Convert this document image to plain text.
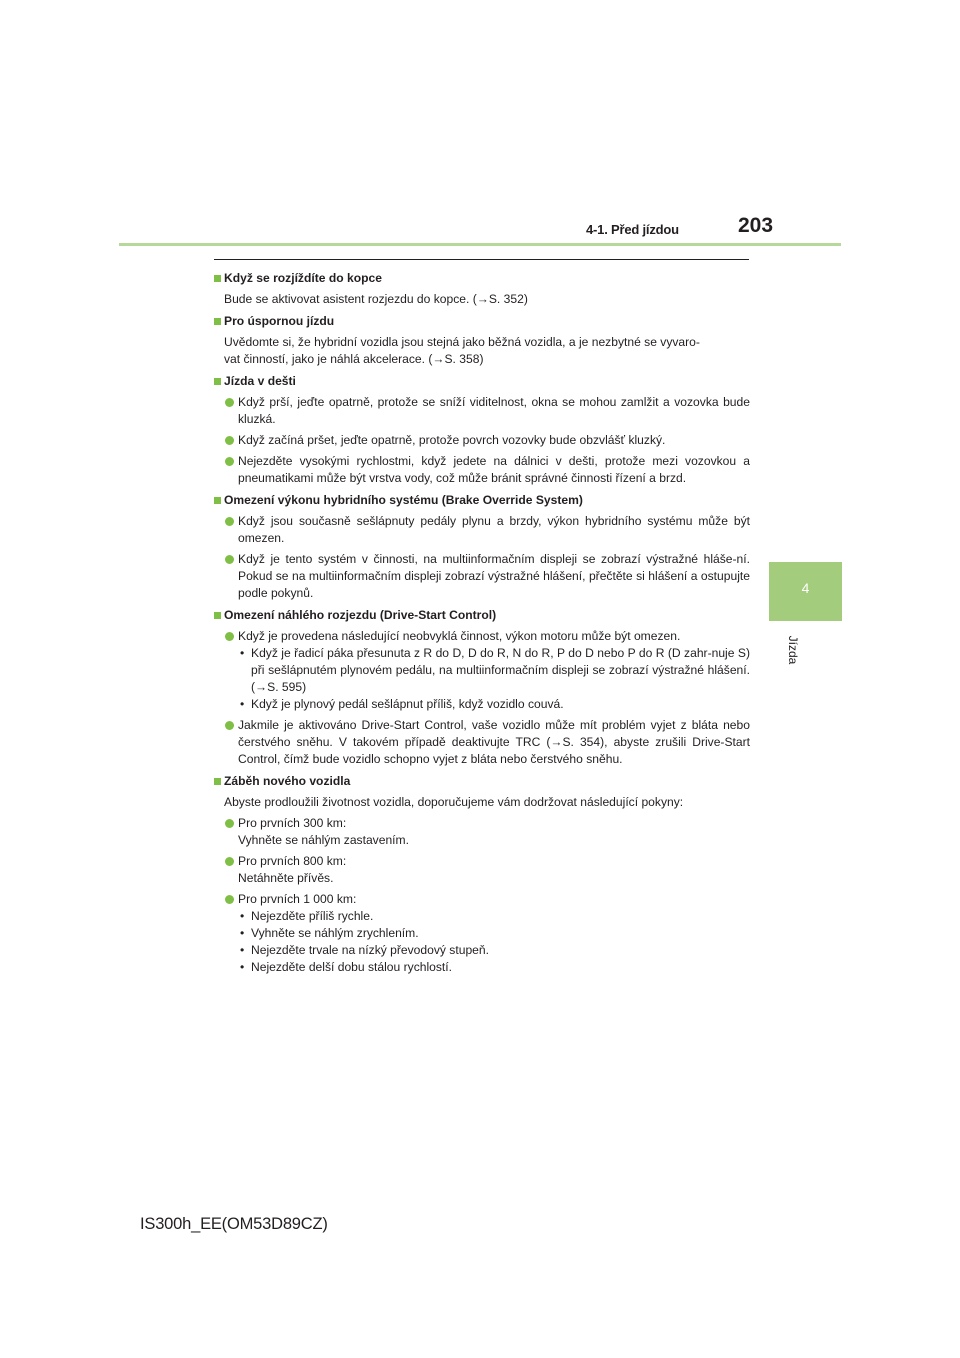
4-1. Před jízdou	203
4
Jízda
Když se rozjíždíte do kopce
Bude se aktivovat asistent rozjezdu do kopce. (→S. 352)
Pro úspornou jízdu
Uvědomte si, že hybridní vozidla jsou stejná jako běžná vozidla, a je nezbytné se vyvaro-
vat činností, jako je náhlá akcelerace. (→S. 358)
Jízda v dešti
Když prší, jeďte opatrně, protože se sníží viditelnost, okna se mohou zamlžit a vozovka bude kluzká.
Když začíná pršet, jeďte opatrně, protože povrch vozovky bude obzvlášť kluzký.
Nejezděte vysokými rychlostmi, když jedete na dálnici v dešti, protože mezi vozovkou a pneumatikami může být vrstva vody, což může bránit správné činnosti řízení a brzd.
Omezení výkonu hybridního systému (Brake Override System)
Když jsou současně sešlápnuty pedály plynu a brzdy, výkon hybridního systému může být omezen.
Když je tento systém v činnosti, na multiinformačním displeji se zobrazí výstražné hláše-ní. Pokud se na multiinformačním displeji zobrazí výstražné hlášení, přečtěte si hlášení a ostupujte podle pokynů.
Omezení náhlého rozjezdu (Drive-Start Control)
Když je provedena následující neobvyklá činnost, výkon motoru může být omezen.
• Když je řadicí páka přesunuta z R do D, D do R, N do R, P do D nebo P do R (D zahr-nuje S) při sešlápnutém plynovém pedálu, na multiinformačním displeji se zobrazí výstražné hlášení. (→S. 595)
• Když je plynový pedál sešlápnut příliš, když vozidlo couvá.
Jakmile je aktivováno Drive-Start Control, vaše vozidlo může mít problém vyjet z bláta nebo čerstvého sněhu. V takovém případě deaktivujte TRC (→S. 354), abyste zrušili Drive-Start Control, čímž bude vozidlo schopno vyjet z bláta nebo čerstvého sněhu.
Záběh nového vozidla
Abyste prodloužili životnost vozidla, doporučujeme vám dodržovat následující pokyny:
Pro prvních 300 km:
Vyhněte se náhlým zastavením.
Pro prvních 800 km:
Netáhněte přívěs.
Pro prvních 1 000 km:
• Nejezděte příliš rychle.
• Vyhněte se náhlým zrychlením.
• Nejezděte trvale na nízký převodový stupeň.
• Nejezděte delší dobu stálou rychlostí.
IS300h_EE(OM53D89CZ)
